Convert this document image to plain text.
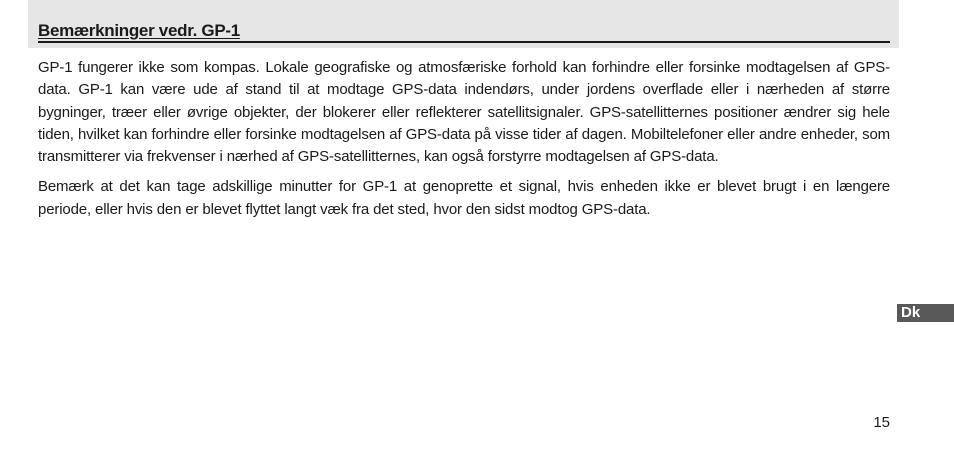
Bemærkninger vedr. GP-1

GP-1 fungerer ikke som kompas. Lokale geografiske og atmosfæriske forhold kan forhindre eller forsinke modtagelsen af GPS-data. GP-1 kan være ude af stand til at modtage GPS-data indendørs, under jordens overflade eller i nærheden af større bygninger, træer eller øvrige objekter, der blokerer eller reflekterer satellitsignaler. GPS-satellitternes positioner ændrer sig hele tiden, hvilket kan forhindre eller forsinke modtagelsen af GPS-data på visse tider af dagen. Mobiltelefoner eller andre enheder, som transmitterer via frekvenser i nærhed af GPS-satellitternes, kan også forstyrre modtagelsen af GPS-data.

Bemærk at det kan tage adskillige minutter for GP-1 at genoprette et signal, hvis enheden ikke er blevet brugt i en længere periode, eller hvis den er blevet flyttet langt væk fra det sted, hvor den sidst modtog GPS-data.

Dk
15
